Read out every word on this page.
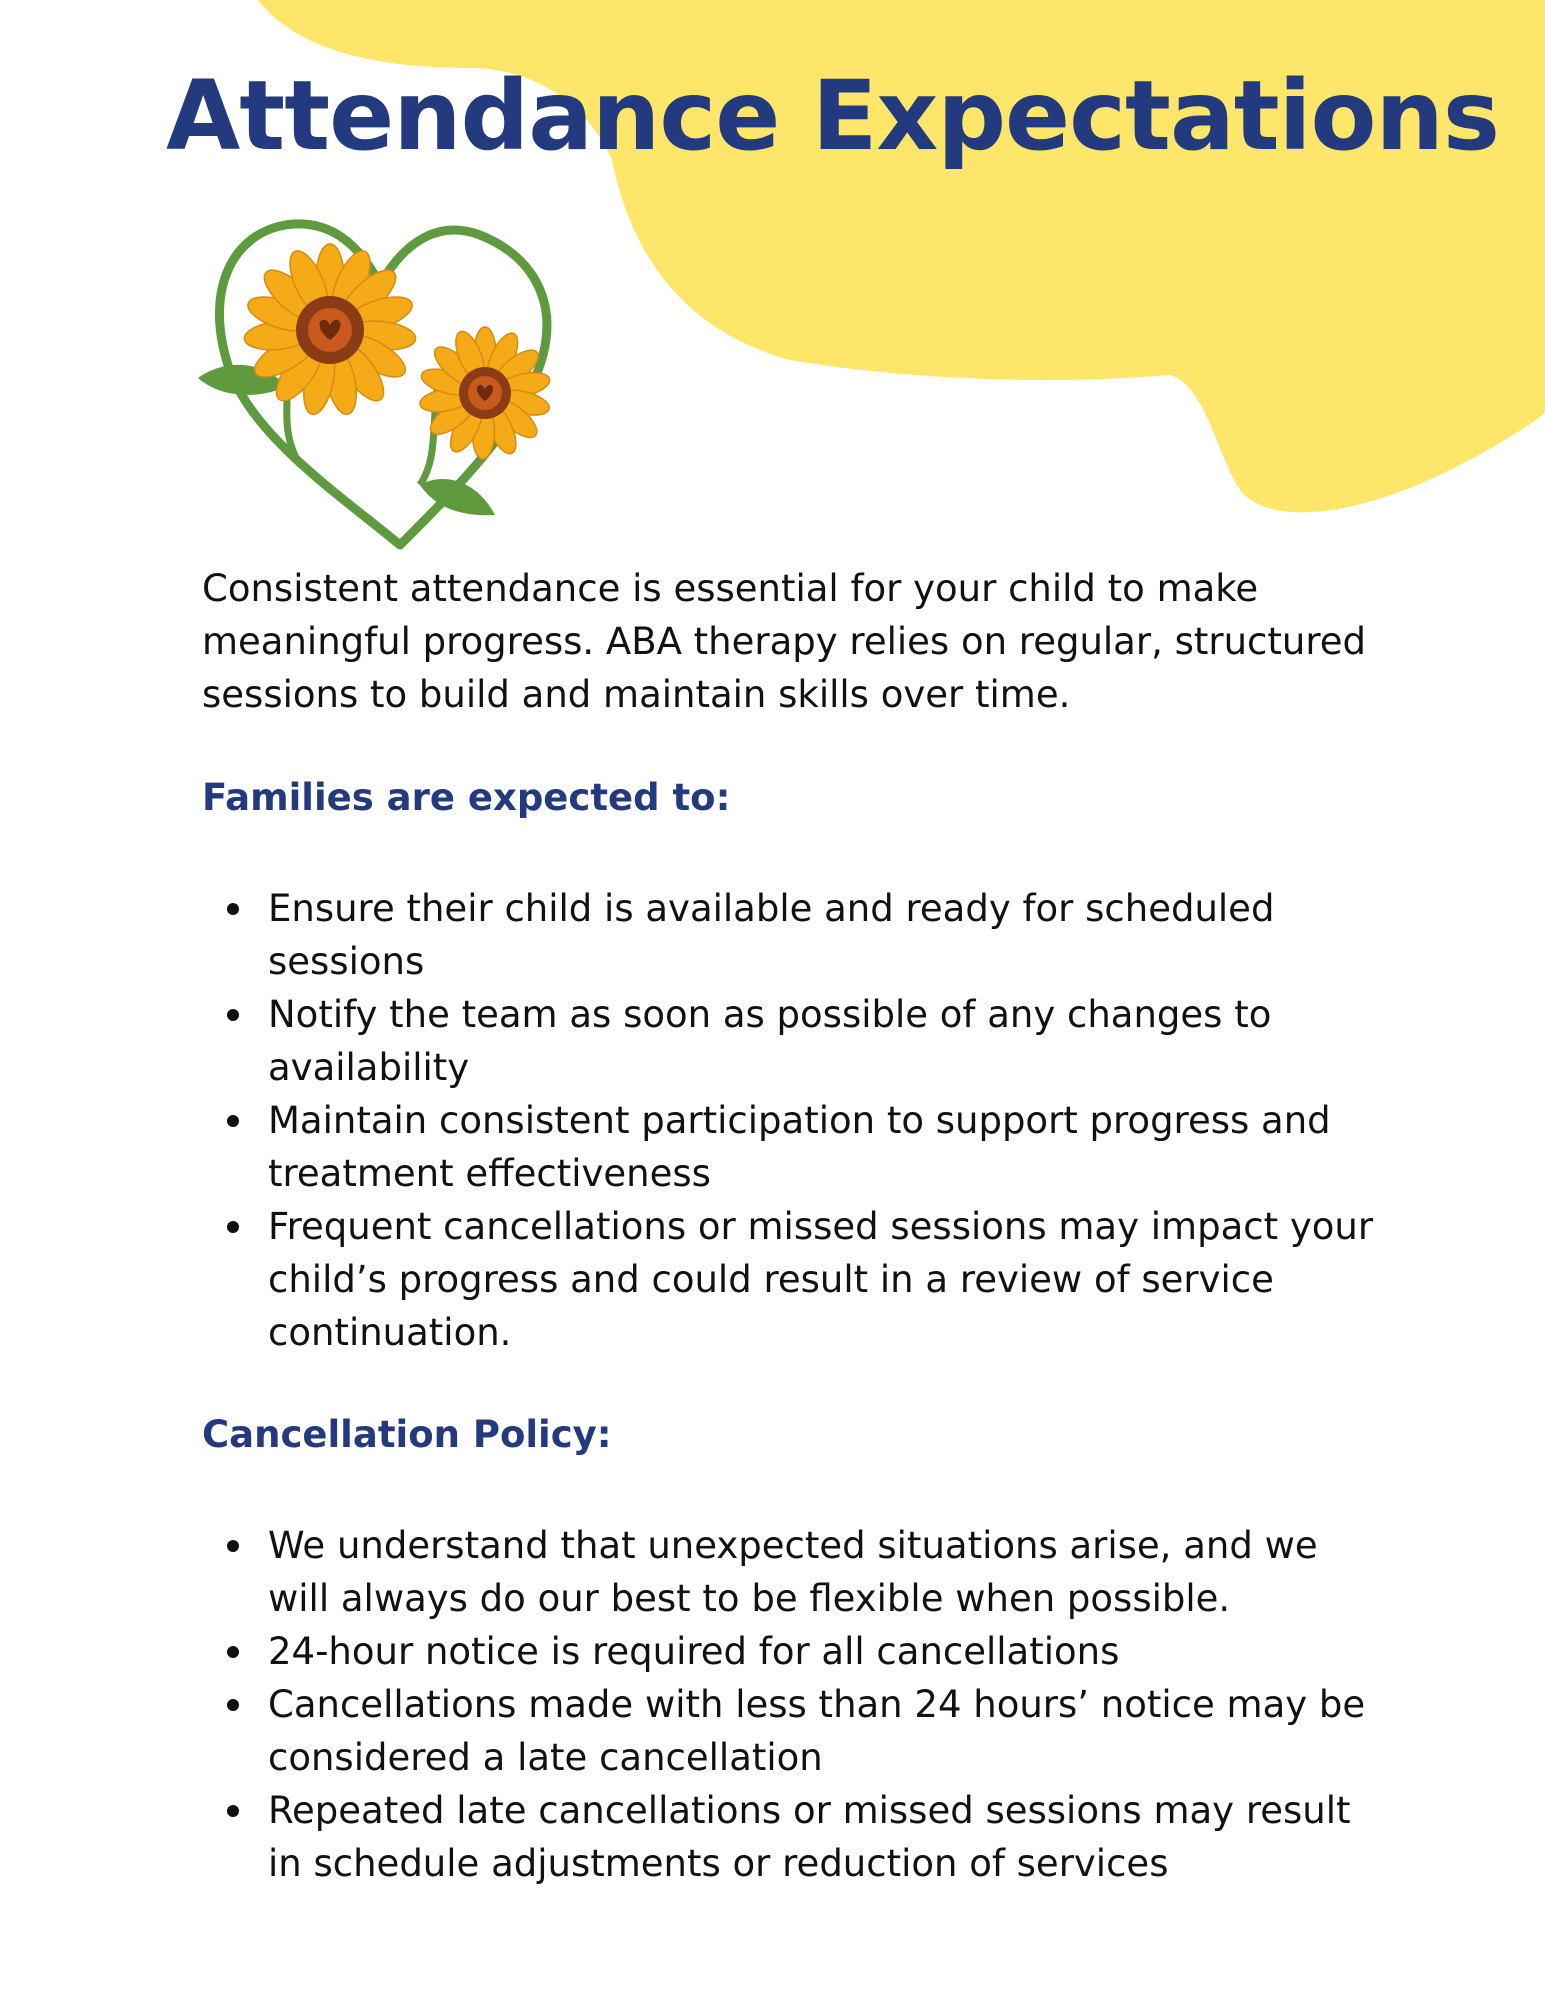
Attendance Expectations

Consistent attendance is essential for your child to make meaningful progress. ABA therapy relies on regular, structured sessions to build and maintain skills over time.

Families are expected to:
Ensure their child is available and ready for scheduled sessions
Notify the team as soon as possible of any changes to availability
Maintain consistent participation to support progress and treatment effectiveness
Frequent cancellations or missed sessions may impact your child’s progress and could result in a review of service continuation.
Cancellation Policy:
We understand that unexpected situations arise, and we will always do our best to be flexible when possible.
24-hour notice is required for all cancellations
Cancellations made with less than 24 hours’ notice may be considered a late cancellation
Repeated late cancellations or missed sessions may result in schedule adjustments or reduction of services
